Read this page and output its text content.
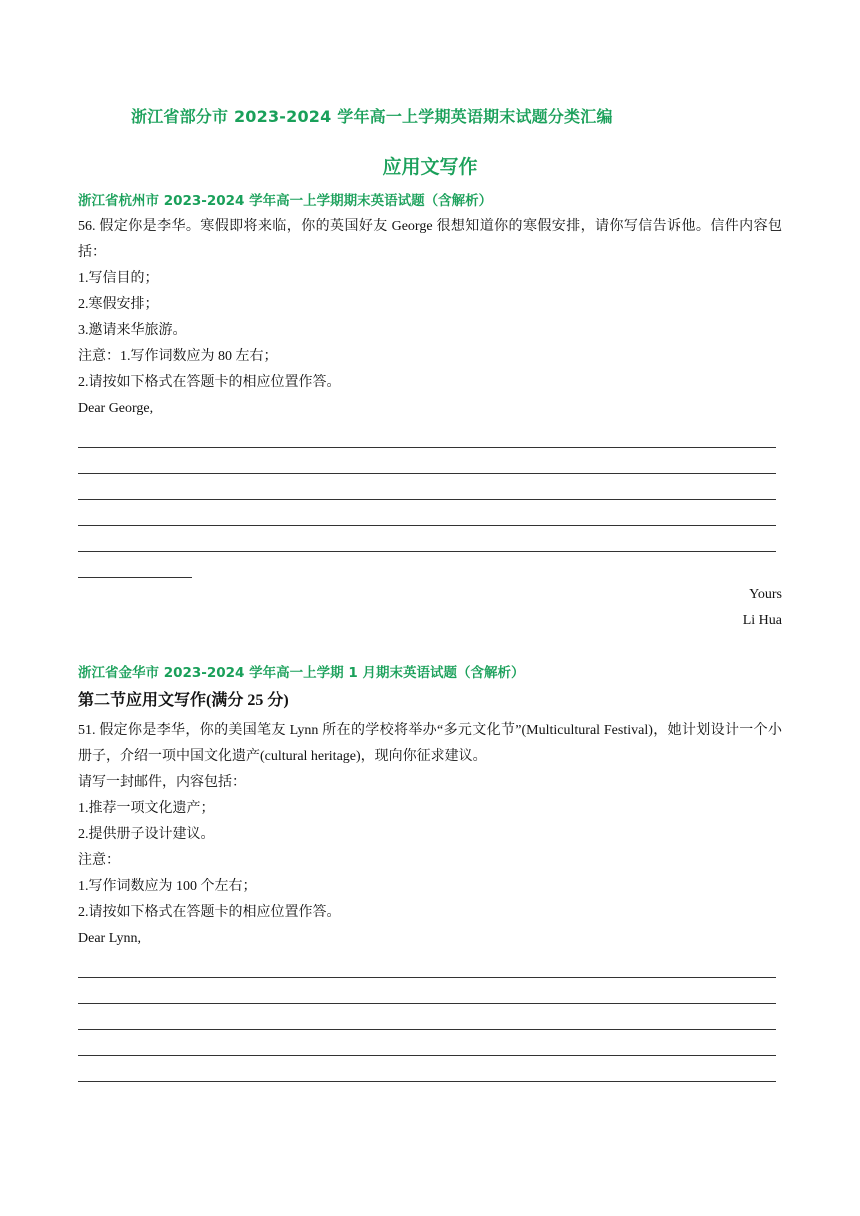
浙江省部分市 2023-2024 学年高一上学期英语期末试题分类汇编
应用文写作
浙江省杭州市 2023-2024 学年高一上学期期末英语试题（含解析）
56. 假定你是李华。寒假即将来临，你的英国好友 George 很想知道你的寒假安排，请你写信告诉他。信件内容包括：
1.写信目的；
2.寒假安排；
3.邀请来华旅游。
注意：1.写作词数应为 80 左右；
2.请按如下格式在答题卡的相应位置作答。
Dear George,
Yours
Li Hua
浙江省金华市 2023-2024 学年高一上学期 1 月期末英语试题（含解析）
第二节应用文写作(满分 25 分)
51. 假定你是李华，你的美国笔友 Lynn 所在的学校将举办“多元文化节”(Multicultural Festival)，她计划设计一个小册子，介绍一项中国文化遗产(cultural heritage)，现向你征求建议。
请写一封邮件，内容包括：
1.推荐一项文化遗产；
2.提供册子设计建议。
注意：
1.写作词数应为 100 个左右；
2.请按如下格式在答题卡的相应位置作答。
Dear Lynn,
